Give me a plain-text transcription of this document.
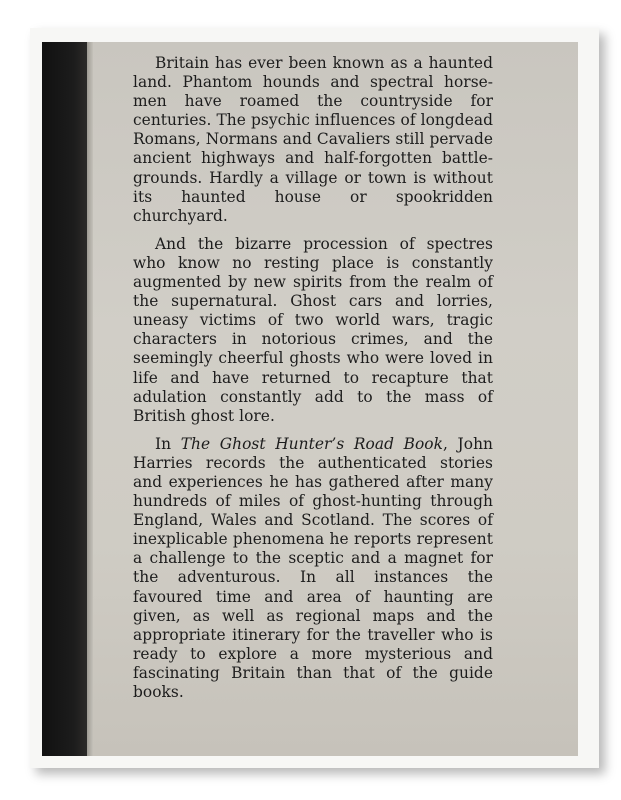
Britain has ever been known as a haunted land. Phantom hounds and spectral horsemen have roamed the countryside for centuries. The psychic influences of longdead Romans, Normans and Cavaliers still pervade ancient highways and half-forgotten battle-grounds. Hardly a village or town is without its haunted house or spookridden churchyard.

And the bizarre procession of spectres who know no resting place is constantly augmented by new spirits from the realm of the supernatural. Ghost cars and lorries, uneasy victims of two world wars, tragic characters in notorious crimes, and the seemingly cheerful ghosts who were loved in life and have returned to recapture that adulation constantly add to the mass of British ghost lore.

In The Ghost Hunter’s Road Book, John Harries records the authenticated stories and experiences he has gathered after many hundreds of miles of ghost-hunting through England, Wales and Scotland. The scores of inexplicable phenomena he reports represent a challenge to the sceptic and a magnet for the adventurous. In all instances the favoured time and area of haunting are given, as well as regional maps and the appropriate itinerary for the traveller who is ready to explore a more mysterious and fascinating Britain than that of the guide books.
